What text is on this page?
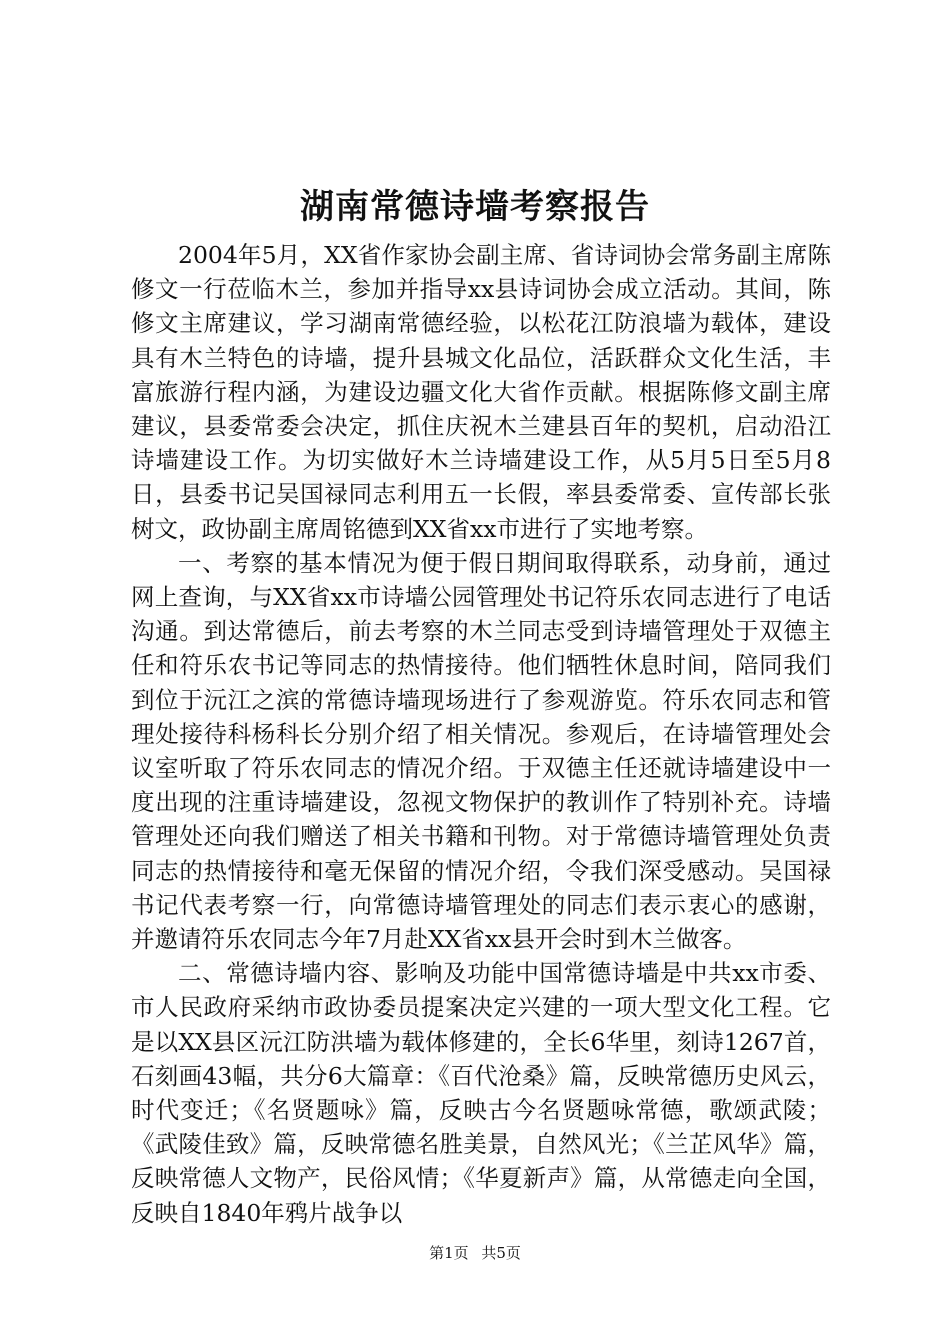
湖南常德诗墙考察报告

2004年5月，XX省作家协会副主席、省诗词协会常务副主席陈修文一行莅临木兰，参加并指导xx县诗词协会成立活动。其间，陈修文主席建议，学习湖南常德经验，以松花江防浪墙为载体，建设具有木兰特色的诗墙，提升县城文化品位，活跃群众文化生活，丰富旅游行程内涵，为建设边疆文化大省作贡献。根据陈修文副主席建议，县委常委会决定，抓住庆祝木兰建县百年的契机，启动沿江诗墙建设工作。为切实做好木兰诗墙建设工作，从5月5日至5月8日，县委书记吴国禄同志利用五一长假，率县委常委、宣传部长张树文，政协副主席周铭德到XX省xx市进行了实地考察。

一、考察的基本情况为便于假日期间取得联系，动身前，通过网上查询，与XX省xx市诗墙公园管理处书记符乐农同志进行了电话沟通。到达常德后，前去考察的木兰同志受到诗墙管理处于双德主任和符乐农书记等同志的热情接待。他们牺牲休息时间，陪同我们到位于沅江之滨的常德诗墙现场进行了参观游览。符乐农同志和管理处接待科杨科长分别介绍了相关情况。参观后，在诗墙管理处会议室听取了符乐农同志的情况介绍。于双德主任还就诗墙建设中一度出现的注重诗墙建设，忽视文物保护的教训作了特别补充。诗墙管理处还向我们赠送了相关书籍和刊物。对于常德诗墙管理处负责同志的热情接待和毫无保留的情况介绍，令我们深受感动。吴国禄书记代表考察一行，向常德诗墙管理处的同志们表示衷心的感谢，并邀请符乐农同志今年7月赴XX省xx县开会时到木兰做客。

二、常德诗墙内容、影响及功能中国常德诗墙是中共xx市委、市人民政府采纳市政协委员提案决定兴建的一项大型文化工程。它是以XX县区沅江防洪墙为载体修建的，全长6华里，刻诗1267首，石刻画43幅，共分6大篇章：《百代沧桑》篇，反映常德历史风云，时代变迁；《名贤题咏》篇，反映古今名贤题咏常德，歌颂武陵；《武陵佳致》篇，反映常德名胜美景，自然风光；《兰芷风华》篇，反映常德人文物产，民俗风情；《华夏新声》篇，从常德走向全国，反映自1840年鸦片战争以

第1页 共5页
